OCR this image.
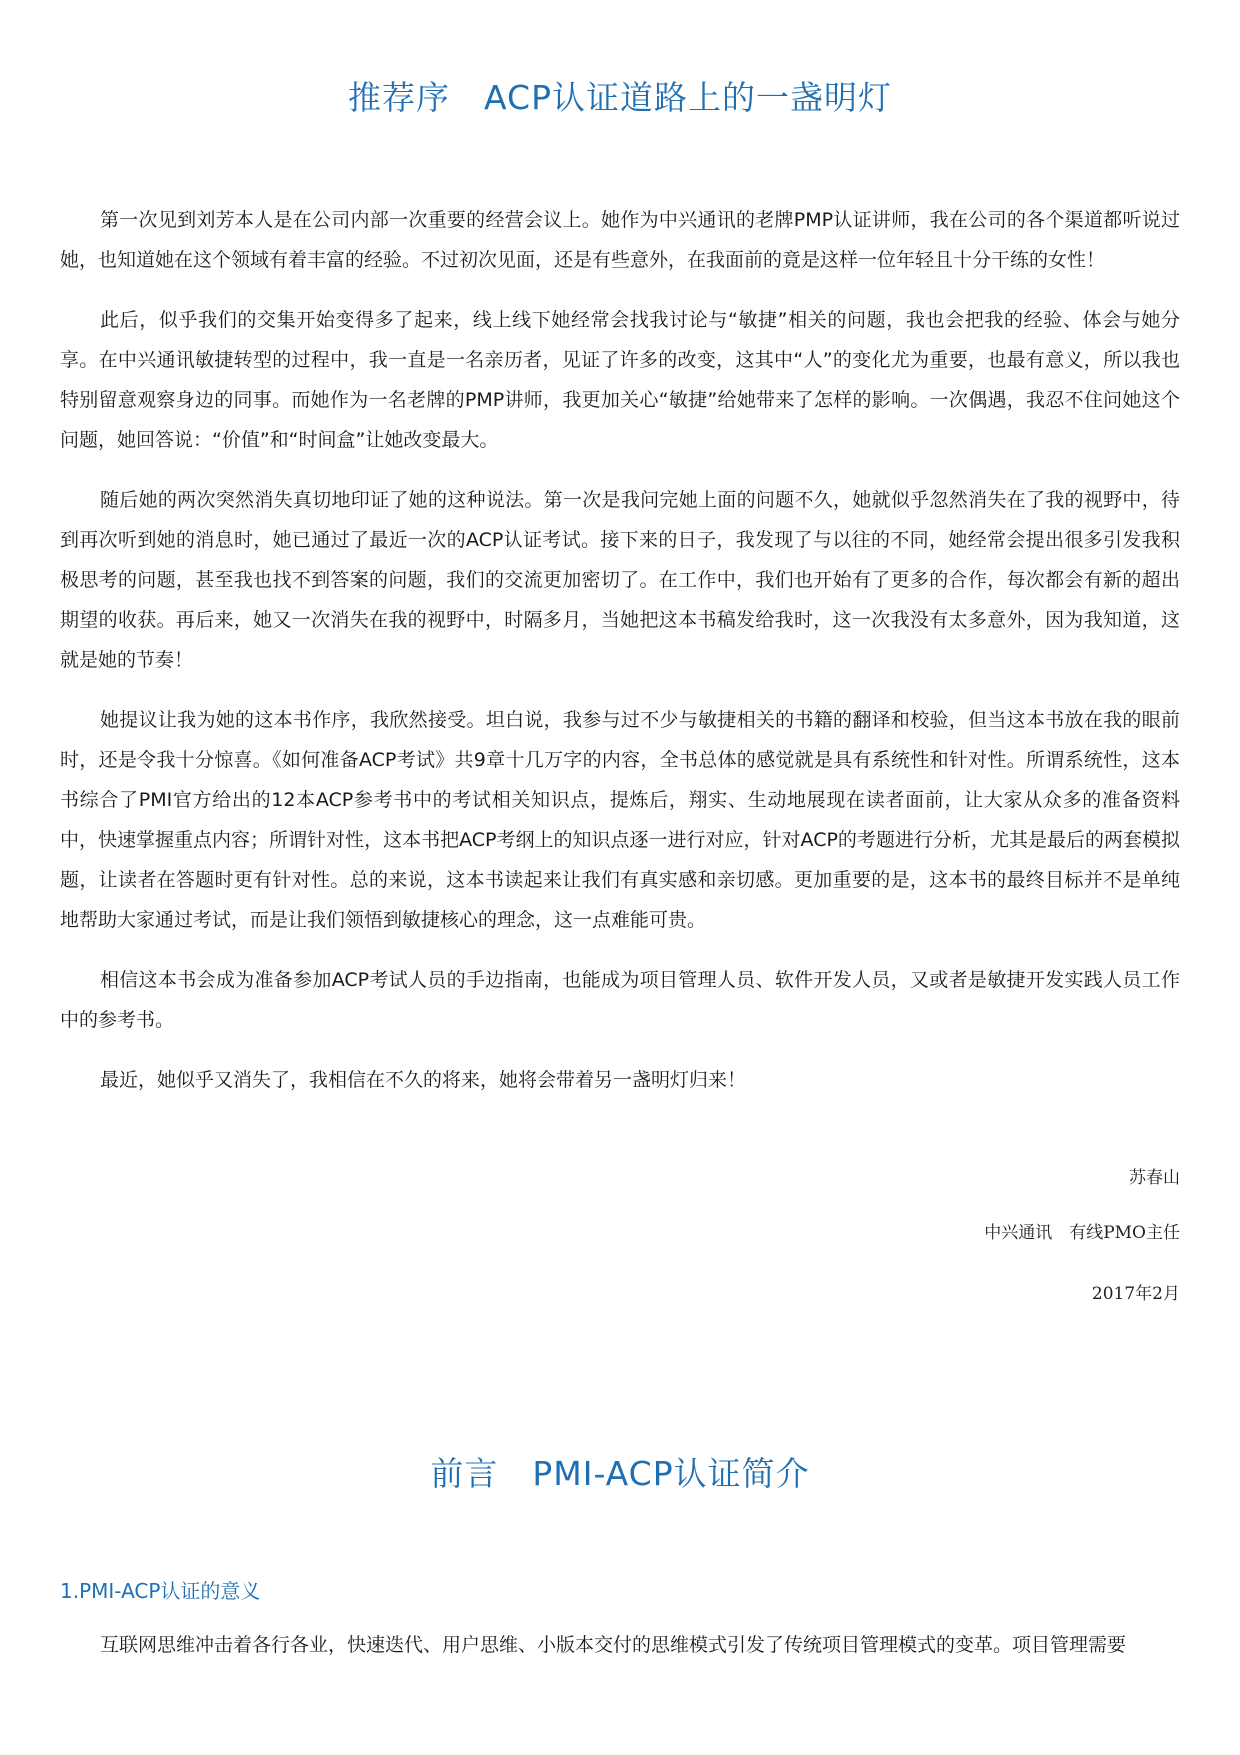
推荐序　ACP认证道路上的一盏明灯

第一次见到刘芳本人是在公司内部一次重要的经营会议上。她作为中兴通讯的老牌PMP认证讲师，我在公司的各个渠道都听说过她，也知道她在这个领域有着丰富的经验。不过初次见面，还是有些意外，在我面前的竟是这样一位年轻且十分干练的女性！

此后，似乎我们的交集开始变得多了起来，线上线下她经常会找我讨论与“敏捷”相关的问题，我也会把我的经验、体会与她分享。在中兴通讯敏捷转型的过程中，我一直是一名亲历者，见证了许多的改变，这其中“人”的变化尤为重要，也最有意义，所以我也特别留意观察身边的同事。而她作为一名老牌的PMP讲师，我更加关心“敏捷”给她带来了怎样的影响。一次偶遇，我忍不住问她这个问题，她回答说：“价值”和“时间盒”让她改变最大。

随后她的两次突然消失真切地印证了她的这种说法。第一次是我问完她上面的问题不久，她就似乎忽然消失在了我的视野中，待到再次听到她的消息时，她已通过了最近一次的ACP认证考试。接下来的日子，我发现了与以往的不同，她经常会提出很多引发我积极思考的问题，甚至我也找不到答案的问题，我们的交流更加密切了。在工作中，我们也开始有了更多的合作，每次都会有新的超出期望的收获。再后来，她又一次消失在我的视野中，时隔多月，当她把这本书稿发给我时，这一次我没有太多意外，因为我知道，这就是她的节奏！

她提议让我为她的这本书作序，我欣然接受。坦白说，我参与过不少与敏捷相关的书籍的翻译和校验，但当这本书放在我的眼前时，还是令我十分惊喜。《如何准备ACP考试》共9章十几万字的内容，全书总体的感觉就是具有系统性和针对性。所谓系统性，这本书综合了PMI官方给出的12本ACP参考书中的考试相关知识点，提炼后，翔实、生动地展现在读者面前，让大家从众多的准备资料中，快速掌握重点内容；所谓针对性，这本书把ACP考纲上的知识点逐一进行对应，针对ACP的考题进行分析，尤其是最后的两套模拟题，让读者在答题时更有针对性。总的来说，这本书读起来让我们有真实感和亲切感。更加重要的是，这本书的最终目标并不是单纯地帮助大家通过考试，而是让我们领悟到敏捷核心的理念，这一点难能可贵。

相信这本书会成为准备参加ACP考试人员的手边指南，也能成为项目管理人员、软件开发人员，又或者是敏捷开发实践人员工作中的参考书。

最近，她似乎又消失了，我相信在不久的将来，她将会带着另一盏明灯归来！

苏春山
中兴通讯　有线PMO主任
2017年2月
前言　PMI-ACP认证简介
1.PMI-ACP认证的意义

互联网思维冲击着各行各业，快速迭代、用户思维、小版本交付的思维模式引发了传统项目管理模式的变革。项目管理需要
